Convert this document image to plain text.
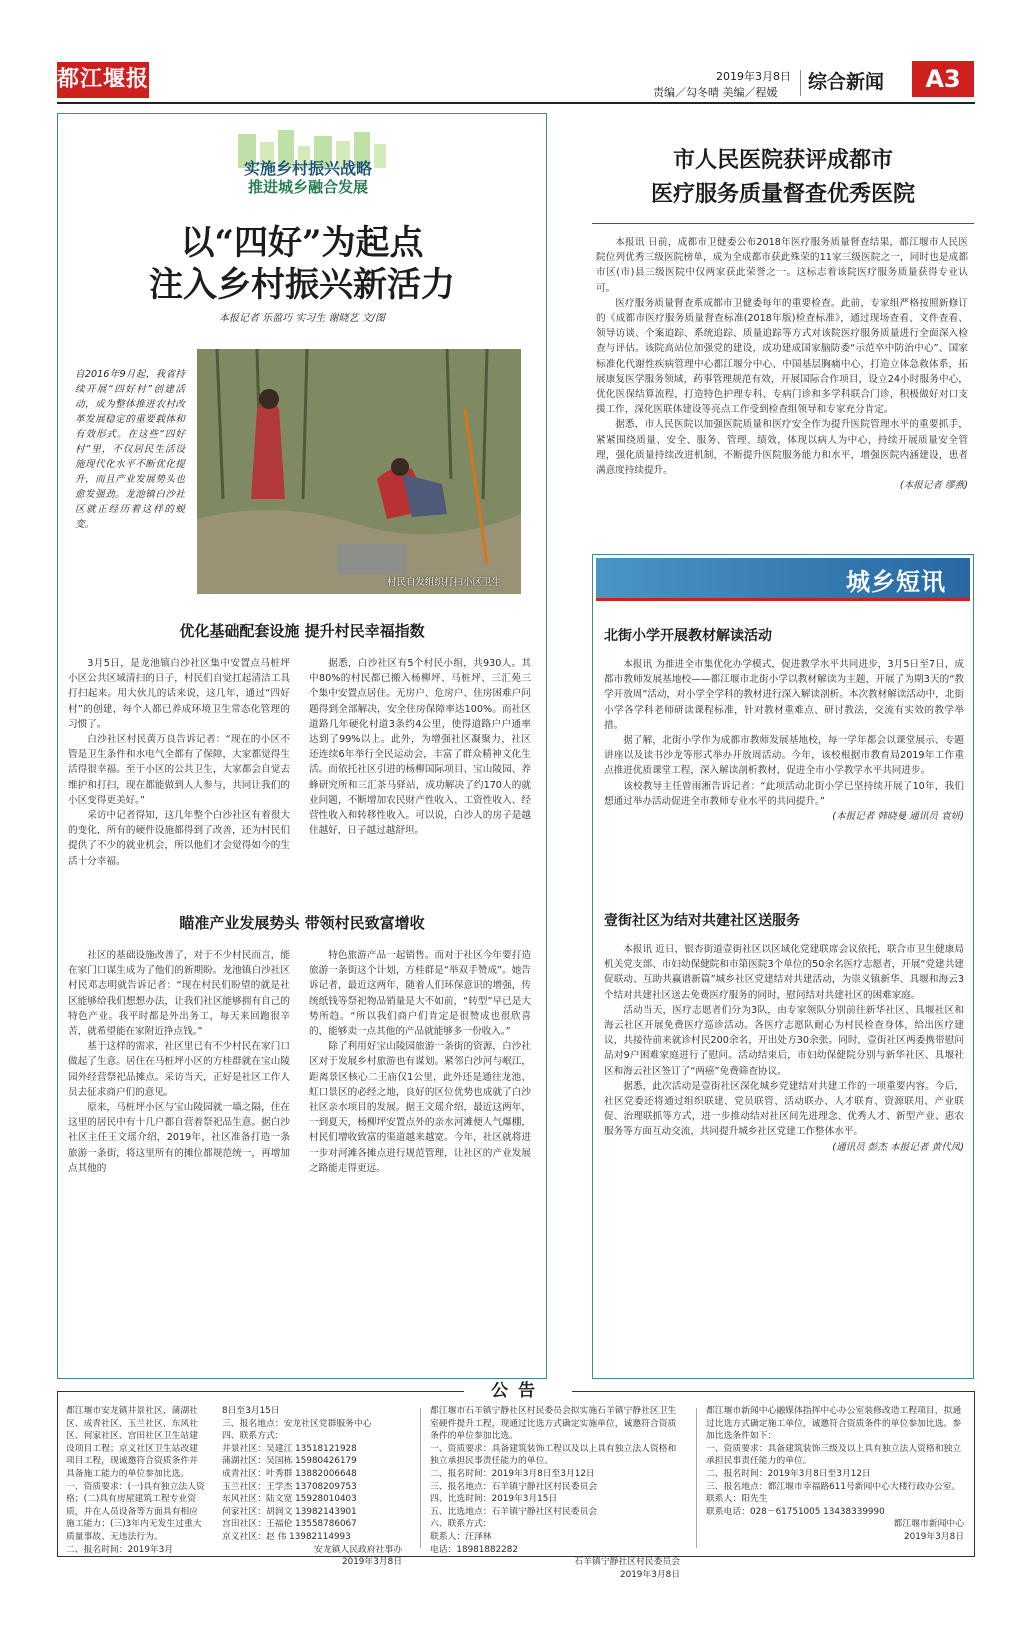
都江堰报	2019年3月8日
责编／勾冬晴 美编／程媛 综合新闻	A3
实施乡村振兴战略
推进城乡融合发展
以“四好”为起点
注入乡村振兴新活力
本报记者 乐盈巧 实习生 谢晓艺 文/图
自2016年9月起，我省持续开展“四好村”创建活动，成为整体推进农村改革发展稳定的重要载体和有效形式。在这些“四好村”里，不仅居民生活设施现代化水平不断优化提升，而且产业发展势头也愈发强劲。龙池镇白沙社区就正经历着这样的蜕变。
村民自发组织打扫小区卫生
优化基础配套设施 提升村民幸福指数

3月5日，是龙池镇白沙社区集中安置点马桩坪小区公共区域清扫的日子，村民们自觉扛起清洁工具打扫起来。用大伙儿的话来说，这几年，通过“四好村”的创建，每个人都已养成环境卫生常态化管理的习惯了。

白沙社区村民黄万良告诉记者：“现在的小区不管是卫生条件和水电气全都有了保障，大家都觉得生活得很幸福。至于小区的公共卫生，大家都会自觉去维护和打扫，现在都能做到人人参与，共同让我们的小区变得更美好。”

采访中记者得知，这几年整个白沙社区有着很大的变化，所有的硬件设施都得到了改善，还为村民们提供了不少的就业机会，所以他们才会觉得如今的生活十分幸福。

据悉，白沙社区有5个村民小组，共930人。其中80%的村民都已搬入杨柳坪、马桩坪、三汇苑三个集中安置点居住。无房户、危房户、住房困难户问题得到全部解决，安全住房保障率达100%。而社区道路几年硬化村道3条约4公里，使得道路户户通率达到了99%以上。此外，为增强社区凝聚力，社区还连续6年举行全民运动会，丰富了群众精神文化生活。而依托社区引进的杨柳国际项目、宝山陵园、养蜂研究所和三汇茶马驿站，成功解决了约170人的就业问题，不断增加农民财产性收入、工资性收入、经营性收入和转移性收入。可以说，白沙人的房子是越住越好，日子越过越舒坦。

瞄准产业发展势头 带领村民致富增收

社区的基础设施改善了，对于不少村民而言，能在家门口谋生成为了他们的新期盼。龙池镇白沙社区村民邓志明就告诉记者：“现在村民们盼望的就是社区能够给我们想想办法，让我们社区能够拥有自己的特色产业。我平时都是外出务工，每天来回跑很辛苦，就希望能在家附近挣点钱。”

基于这样的需求，社区里已有不少村民在家门口做起了生意。居住在马桩坪小区的方桂群就在宝山陵园外经营祭祀品摊点。采访当天，正好是社区工作人员去征求商户们的意见。

原来，马桩坪小区与宝山陵园就一墙之隔，住在这里的居民中有十几户都自营着祭祀品生意。据白沙社区主任王文瑶介绍，2019年，社区准备打造一条旅游一条街，将这里所有的摊位都规范统一，再增加点其他的

特色旅游产品一起销售。而对于社区今年要打造旅游一条街这个计划，方桂群是“举双手赞成”。她告诉记者，最近这两年，随着人们环保意识的增强，传统纸钱等祭祀物品销量是大不如前，“转型”早已是大势所趋。“所以我们商户们肯定是很赞成也很欣喜的，能够卖一点其他的产品就能够多一份收入。”

除了利用好宝山陵园旅游一条街的资源，白沙社区对于发展乡村旅游也有谋划。紧邻白沙河与岷江，距离景区核心二王庙仅1公里，此外还是通往龙池、虹口景区的必经之地，良好的区位优势也成就了白沙社区亲水项目的发展。据王文瑶介绍，最近这两年，一到夏天，杨柳坪安置点外的亲水河滩便人气爆棚，村民们增收致富的渠道越来越宽。今年，社区就将进一步对河滩各摊点进行规范管理，让社区的产业发展之路能走得更远。

市人民医院获评成都市
医疗服务质量督查优秀医院

本报讯 日前，成都市卫健委公布2018年医疗服务质量督查结果，都江堰市人民医院位列优秀三级医院榜单，成为全成都市获此殊荣的11家三级医院之一，同时也是成都市区(市)县三级医院中仅两家获此荣誉之一。这标志着该院医疗服务质量获得专业认可。

医疗服务质量督查系成都市卫健委每年的重要检查。此前，专家组严格按照新修订的《成都市医疗服务质量督查标准(2018年版)检查标准》，通过现场查看、文件查看、领导访谈、个案追踪、系统追踪、质量追踪等方式对该院医疗服务质量进行全面深入检查与评估。该院高站位加强党的建设，成功建成国家脑防委“示范卒中防治中心”、国家标准化代谢性疾病管理中心都江堰分中心、中国基层胸痛中心，打造立体急救体系，拓展康复医学服务领域，药事管理规范有效，开展国际合作项目，设立24小时服务中心，优化医保结算流程，打造特色护理专科、专病门诊和多学科联合门诊，积极做好对口支援工作，深化医联体建设等亮点工作受到检查组领导和专家充分肯定。

据悉，市人民医院以加强医院质量和医疗安全作为提升医院管理水平的重要抓手，紧紧围绕质量、安全、服务、管理、绩效，体现以病人为中心，持续开展质量安全管理，强化质量持续改进机制，不断提升医院服务能力和水平，增强医院内涵建设，患者满意度持续提升。

(本报记者 缪燕)
城乡短讯
北街小学开展教材解读活动

本报讯 为推进全市集优化办学模式，促进教学水平共同进步，3月5日至7日，成都市教师发展基地校——都江堰市北街小学以教材解读为主题，开展了为期3天的“教学开放周”活动，对小学全学科的教材进行深入解读剖析。本次教材解读活动中，北街小学各学科老师研读课程标准，针对教材重难点、研讨教法，交流有实效的教学举措。

据了解，北街小学作为成都市教师发展基地校，每一学年都会以课堂展示、专题讲座以及读书沙龙等形式举办开放周活动。今年，该校根据市教育局2019年工作重点推进优质课堂工程，深入解读剖析教材，促进全市小学教学水平共同进步。

该校教导主任曾雨淅告诉记者：“此项活动北街小学已坚持续开展了10年，我们想通过举办活动促进全市教师专业水平的共同提升。”

(本报记者 韩晓曼 通讯员 袁妍)
壹街社区为结对共建社区送服务

本报讯 近日，银杏街道壹街社区以区域化党建联席会议依托，联合市卫生健康局机关党支部、市妇幼保健院和市第医院3个单位的50余名医疗志愿者，开展“党建共建促联动、互助共赢谱新篇”城乡社区党建结对共建活动，为崇义镇新华、具堰和海云3个结对共建社区送去免费医疗服务的同时，慰问结对共建社区的困难家庭。

活动当天，医疗志愿者们分为3队，由专家领队分别前往新华社区、具堰社区和海云社区开展免费医疗巡诊活动。各医疗志愿队耐心为村民检查身体，给出医疗建议，共接待前来就诊村民200余名，开出处方30余张。同时，壹街社区两委携带慰问品对9户困难家庭进行了慰问。活动结束后，市妇幼保健院分别与新华社区、具堰社区和海云社区签订了“两癌”免费筛查协议。

据悉，此次活动是壹街社区深化城乡党建结对共建工作的一项重要内容。今后，社区党委还将通过组织联建、党员联管、活动联办、人才联育、资源联用、产业联促、治理联抓等方式，进一步推动结对社区间先进理念、优秀人才、新型产业、惠农服务等方面互动交流，共同提升城乡社区党建工作整体水平。

(通讯员 彭杰 本报记者 黄代凤)
公告

都江堰市安龙镇井景社区、蒲湖社区、成青社区、玉兰社区、东风社区、何家社区、宫田社区卫生站建设项目工程；京义社区卫生站改建项目工程，现诚邀符合资质条件并具备施工能力的单位参加比选。

一、资质要求：(一)具有独立法人资格；(二)具有房屋建筑工程专业资质，并在人员设备等方面具有相应施工能力；(三)3年内无发生过重大质量事故、无违法行为。

二、报名时间：2019年3月

8日至3月15日

三、报名地点：安龙社区党群服务中心

四、联系方式：

井景社区：吴建江 13518121928

蒲湖社区：吴国栋 15980426179

成青社区：叶秀群 13882006648

玉兰社区：王学杰 13708209753

东风社区：陆文宽 15928010403

何家社区：胡润文 13982143901

宫田社区：王福伦 13558786067

京义社区：赵 伟 13982114993

安龙镇人民政府社事办

2019年3月8日

都江堰市石羊镇宁静社区村民委员会拟实施石羊镇宁静社区卫生室硬件提升工程，现通过比选方式确定实施单位，诚邀符合资质条件的单位参加比选。

一、资质要求：具备建筑装饰工程以及以上具有独立法人资格和独立承担民事责任能力的单位。

二、报名时间：2019年3月8日至3月12日

三、报名地点：石羊镇宁静社区村民委员会

四、比选时间：2019年3月15日

五、比选地点：石羊镇宁静社区村民委员会

六、联系方式：

联系人：汪泽林

电话：18981882282

石羊镇宁静社区村民委员会

2019年3月8日

都江堰市新闻中心融媒体指挥中心办公室装修改造工程项目，拟通过比选方式确定施工单位，诚邀符合资质条件的单位参加比选。参加比选条件如下：

一、资质要求：具备建筑装饰三级及以上具有独立法人资格和独立承担民事责任能力的单位。

二、报名时间：2019年3月8日至3月12日

三、报名地点：都江堰市幸福路611号新闻中心大楼行政办公室。

联系人：阳先生

联系电话：028－61751005 13438339990

都江堰市新闻中心

2019年3月8日
